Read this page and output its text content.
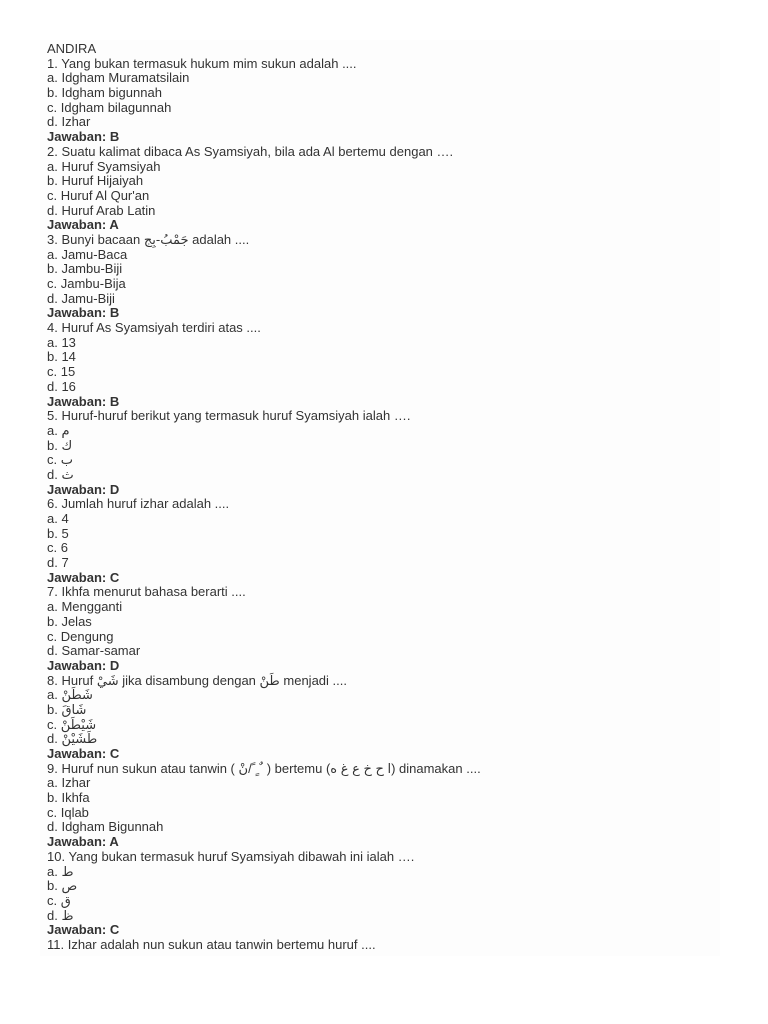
ANDIRA
1. Yang bukan termasuk hukum mim sukun adalah ....
a. Idgham Muramatsilain
b. Idgham bigunnah
c. Idgham bilagunnah
d. Izhar
Jawaban: B
2. Suatu kalimat dibaca As Syamsiyah, bila ada Al bertemu dengan ….
a. Huruf Syamsiyah
b. Huruf Hijaiyah
c. Huruf Al Qur'an
d. Huruf Arab Latin
Jawaban: A
3. Bunyi bacaan جَمْبُ-بِج adalah ....
a. Jamu-Baca
b. Jambu-Biji
c. Jambu-Bija
d. Jamu-Biji
Jawaban: B
4. Huruf As Syamsiyah terdiri atas ....
a. 13
b. 14
c. 15
d. 16
Jawaban: B
5. Huruf-huruf berikut yang termasuk huruf Syamsiyah ialah ….
a. م
b. ك
c. ب
d. ث
Jawaban: D
6. Jumlah huruf izhar adalah ....
a. 4
b. 5
c. 6
d. 7
Jawaban: C
7. Ikhfa menurut bahasa berarti ....
a. Mengganti
b. Jelas
c. Dengung
d. Samar-samar
Jawaban: D
8. Huruf شَيْ jika disambung dengan طَنْ menjadi ....
a. شَطَنْ
b. شَاقَ
c. شَيْطَنْ
d. طَشَيْنْ
Jawaban: C
9. Huruf nun sukun atau tanwin ( نْ/ ً ٍ ٌ ) bertemu (ا ح خ ع غ ه) dinamakan ....
a. Izhar
b. Ikhfa
c. Iqlab
d. Idgham Bigunnah
Jawaban: A
10. Yang bukan termasuk huruf Syamsiyah dibawah ini ialah ….
a. ط
b. ص
c. ق
d. ظ
Jawaban: C
11. Izhar adalah nun sukun atau tanwin bertemu huruf ....
